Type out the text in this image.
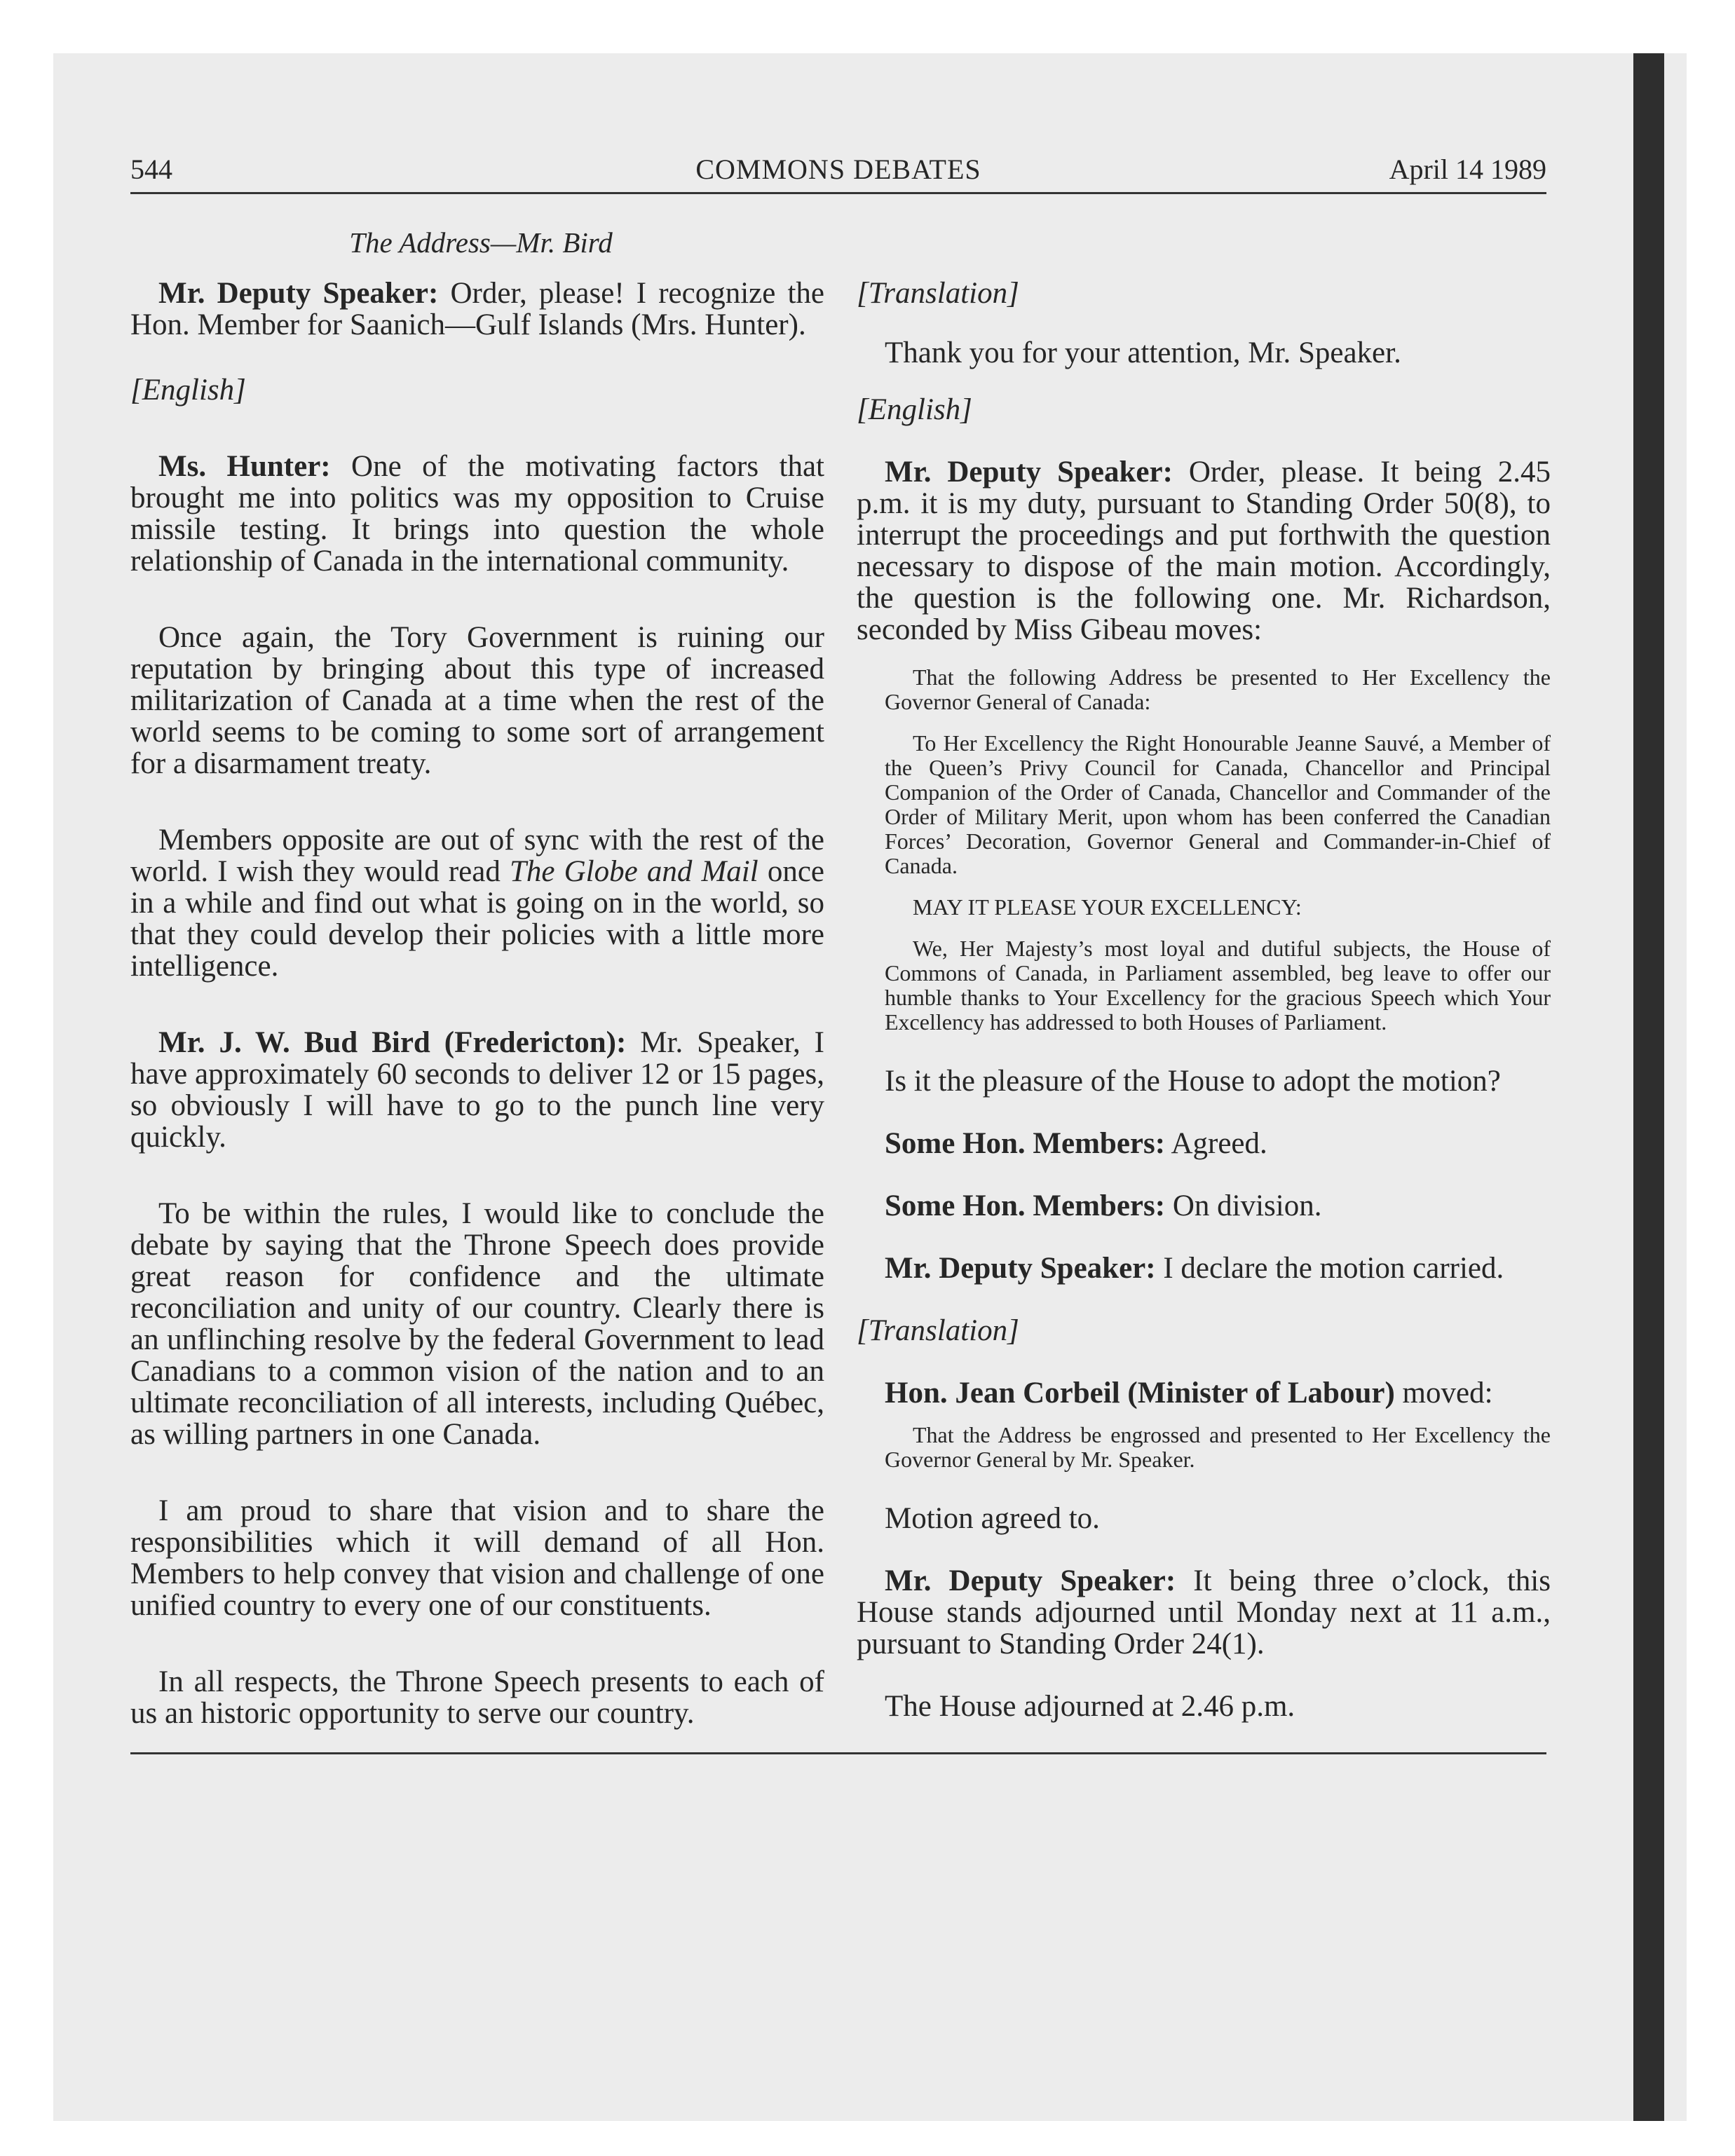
544	COMMONS DEBATES	April 14 1989
The Address—Mr. Bird

Mr. Deputy Speaker: Order, please! I recognize the Hon. Member for Saanich—Gulf Islands (Mrs. Hunter).

[English]

Ms. Hunter: One of the motivating factors that brought me into politics was my opposition to Cruise missile testing. It brings into question the whole relationship of Canada in the international community.

Once again, the Tory Government is ruining our reputation by bringing about this type of increased militarization of Canada at a time when the rest of the world seems to be coming to some sort of arrangement for a disarmament treaty.

Members opposite are out of sync with the rest of the world. I wish they would read The Globe and Mail once in a while and find out what is going on in the world, so that they could develop their policies with a little more intelligence.

Mr. J. W. Bud Bird (Fredericton): Mr. Speaker, I have approximately 60 seconds to deliver 12 or 15 pages, so obviously I will have to go to the punch line very quickly.

To be within the rules, I would like to conclude the debate by saying that the Throne Speech does provide great reason for confidence and the ultimate reconciliation and unity of our country. Clearly there is an unflinching resolve by the federal Government to lead Canadians to a common vision of the nation and to an ultimate reconciliation of all interests, including Québec, as willing partners in one Canada.

I am proud to share that vision and to share the responsibilities which it will demand of all Hon. Members to help convey that vision and challenge of one unified country to every one of our constituents.

In all respects, the Throne Speech presents to each of us an historic opportunity to serve our country.

[Translation]

Thank you for your attention, Mr. Speaker.

[English]

Mr. Deputy Speaker: Order, please. It being 2.45 p.m. it is my duty, pursuant to Standing Order 50(8), to interrupt the proceedings and put forthwith the question necessary to dispose of the main motion. Accordingly, the question is the following one. Mr. Richardson, seconded by Miss Gibeau moves:

That the following Address be presented to Her Excellency the Governor General of Canada:

To Her Excellency the Right Honourable Jeanne Sauvé, a Member of the Queen’s Privy Council for Canada, Chancellor and Principal Companion of the Order of Canada, Chancellor and Commander of the Order of Military Merit, upon whom has been conferred the Canadian Forces’ Decoration, Governor General and Commander-in-Chief of Canada.

MAY IT PLEASE YOUR EXCELLENCY:

We, Her Majesty’s most loyal and dutiful subjects, the House of Commons of Canada, in Parliament assembled, beg leave to offer our humble thanks to Your Excellency for the gracious Speech which Your Excellency has addressed to both Houses of Parliament.

Is it the pleasure of the House to adopt the motion?

Some Hon. Members: Agreed.

Some Hon. Members: On division.

Mr. Deputy Speaker: I declare the motion carried.

[Translation]

Hon. Jean Corbeil (Minister of Labour) moved:

That the Address be engrossed and presented to Her Excellency the Governor General by Mr. Speaker.

Motion agreed to.

Mr. Deputy Speaker: It being three o’clock, this House stands adjourned until Monday next at 11 a.m., pursuant to Standing Order 24(1).

The House adjourned at 2.46 p.m.
